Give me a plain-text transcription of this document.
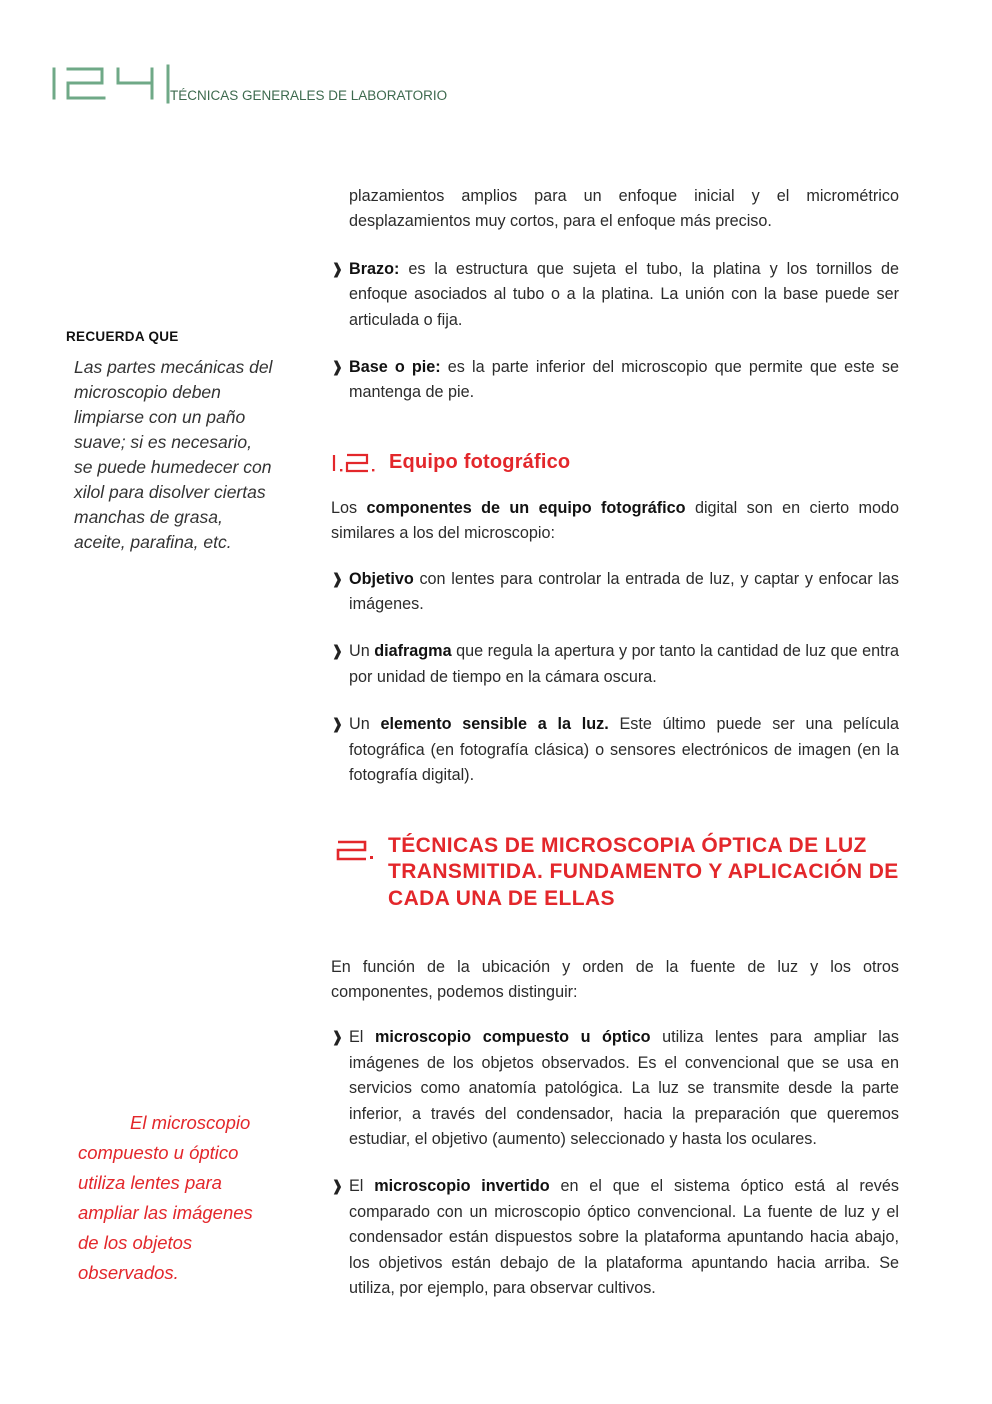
TÉCNICAS GENERALES DE LABORATORIO
RECUERDA QUE
Las partes mecánicas del microscopio deben limpiarse con un paño suave; si es necesario, se puede humedecer con xilol para disolver ciertas manchas de grasa, aceite, parafina, etc.
El microscopio compuesto u óptico utiliza lentes para ampliar las imágenes de los objetos observados.

plazamientos amplios para un enfoque inicial y el micrométrico desplazamientos muy cortos, para el enfoque más preciso.

❱ Brazo: es la estructura que sujeta el tubo, la platina y los tornillos de enfoque asociados al tubo o a la platina. La unión con la base puede ser articulada o fija.

❱ Base o pie: es la parte inferior del microscopio que permite que este se mantenga de pie.

Equipo fotográfico

Los componentes de un equipo fotográfico digital son en cierto modo similares a los del microscopio:

❱ Objetivo con lentes para controlar la entrada de luz, y captar y enfocar las imágenes.

❱ Un diafragma que regula la apertura y por tanto la cantidad de luz que entra por unidad de tiempo en la cámara oscura.

❱ Un elemento sensible a la luz. Este último puede ser una película fotográfica (en fotografía clásica) o sensores electrónicos de imagen (en la fotografía digital).

TÉCNICAS DE MICROSCOPIA ÓPTICA DE LUZ TRANSMITIDA. FUNDAMENTO Y APLICACIÓN DE CADA UNA DE ELLAS

En función de la ubicación y orden de la fuente de luz y los otros componentes, podemos distinguir:

❱ El microscopio compuesto u óptico utiliza lentes para ampliar las imágenes de los objetos observados. Es el convencional que se usa en servicios como anatomía patológica. La luz se transmite desde la parte inferior, a través del condensador, hacia la preparación que queremos estudiar, el objetivo (aumento) seleccionado y hasta los oculares.

❱ El microscopio invertido en el que el sistema óptico está al revés comparado con un microscopio óptico convencional. La fuente de luz y el condensador están dispuestos sobre la plataforma apuntando hacia abajo, los objetivos están debajo de la plataforma apuntando hacia arriba. Se utiliza, por ejemplo, para observar cultivos.
